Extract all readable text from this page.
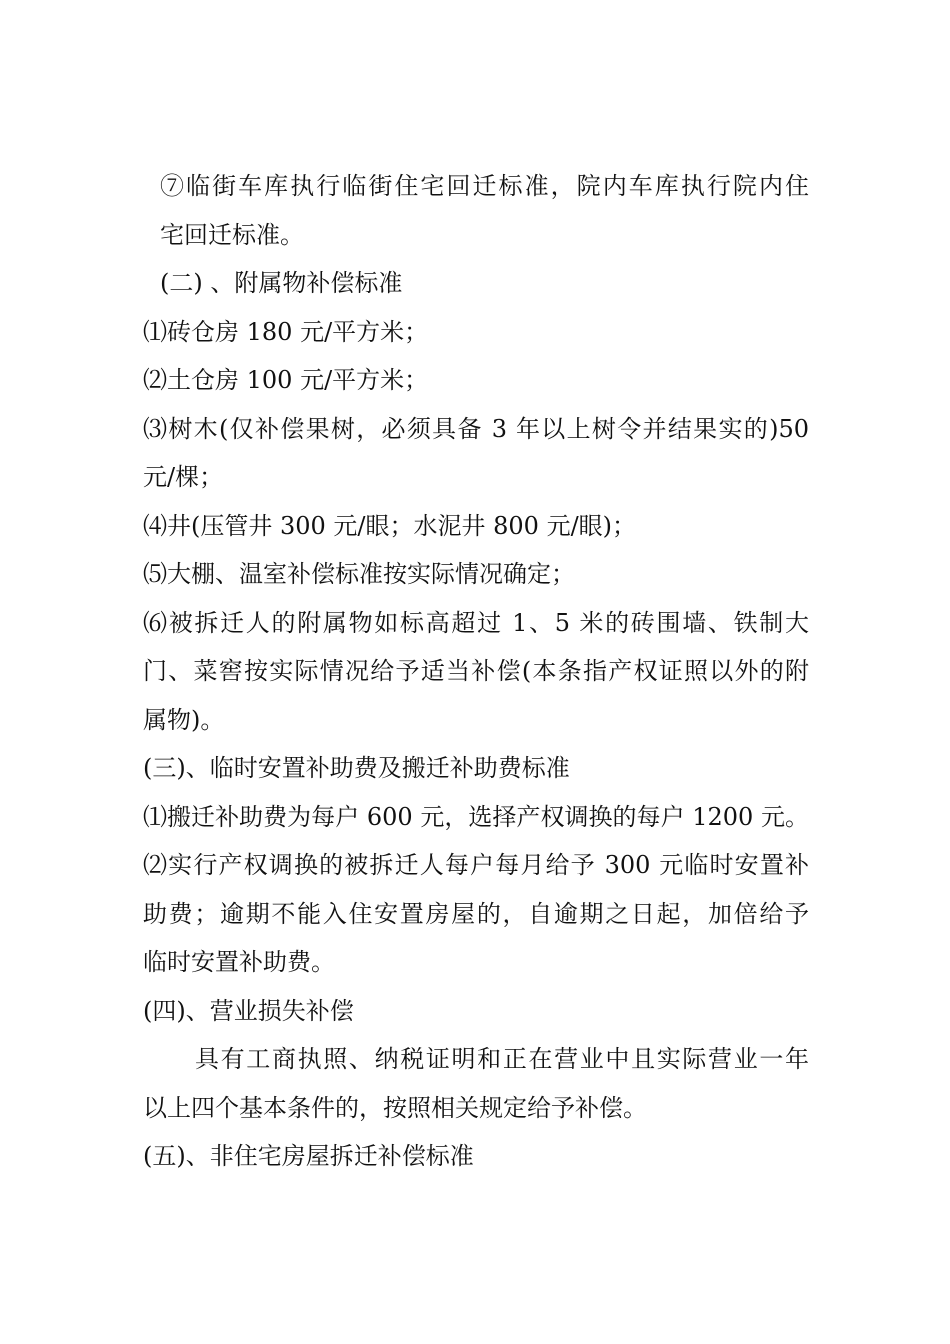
⑦临街车库执行临街住宅回迁标准，院内车库执行院内住
宅回迁标准。
(二) 、附属物补偿标准
⑴砖仓房 180 元/平方米；
⑵土仓房 100 元/平方米；
⑶树木(仅补偿果树，必须具备 3 年以上树令并结果实的)50
元/棵；
⑷井(压管井 300 元/眼；水泥井 800 元/眼)；
⑸大棚、温室补偿标准按实际情况确定；
⑹被拆迁人的附属物如标高超过 1、5 米的砖围墙、铁制大
门、菜窖按实际情况给予适当补偿(本条指产权证照以外的附
属物)。
(三)、临时安置补助费及搬迁补助费标准
⑴搬迁补助费为每户 600 元，选择产权调换的每户 1200 元。
⑵实行产权调换的被拆迁人每户每月给予 300 元临时安置补
助费；逾期不能入住安置房屋的，自逾期之日起，加倍给予
临时安置补助费。
(四)、营业损失补偿
具有工商执照、纳税证明和正在营业中且实际营业一年
以上四个基本条件的，按照相关规定给予补偿。
(五)、非住宅房屋拆迁补偿标准
